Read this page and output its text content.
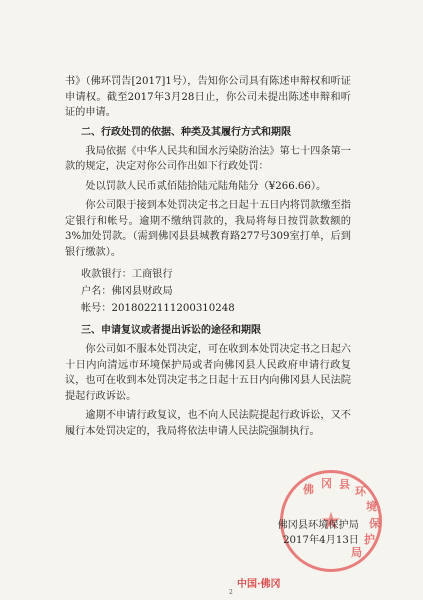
书》（佛环罚告[2017]1号），告知你公司具有陈述申辩权和听证申请权。截至2017年3月28日止，你公司未提出陈述申辩和听证的申请。

二、行政处罚的依据、种类及其履行方式和期限

我局依据《中华人民共和国水污染防治法》第七十四条第一款的规定，决定对你公司作出如下行政处罚：

处以罚款人民币贰佰陆拾陆元陆角陆分（¥266.66）。

你公司限于接到本处罚决定书之日起十五日内将罚款缴至指定银行和帐号。逾期不缴纳罚款的，我局将每日按罚款数额的3%加处罚款。（需到佛冈县县城教育路277号309室打单，后到银行缴款）。

收款银行：工商银行
户名：佛冈县财政局
帐号：2018022111200310248
三、申请复议或者提出诉讼的途径和期限

你公司如不服本处罚决定，可在收到本处罚决定书之日起六十日内向清远市环境保护局或者向佛冈县人民政府申请行政复议，也可在收到本处罚决定书之日起十五日内向佛冈县人民法院提起行政诉讼。

逾期不申请行政复议，也不向人民法院提起行政诉讼，又不履行本处罚决定的，我局将依法申请人民法院强制执行。

佛 冈 县
环
境
保
护
局
★
佛冈县环境保护局
2017年4月13日
中国·佛冈
2
